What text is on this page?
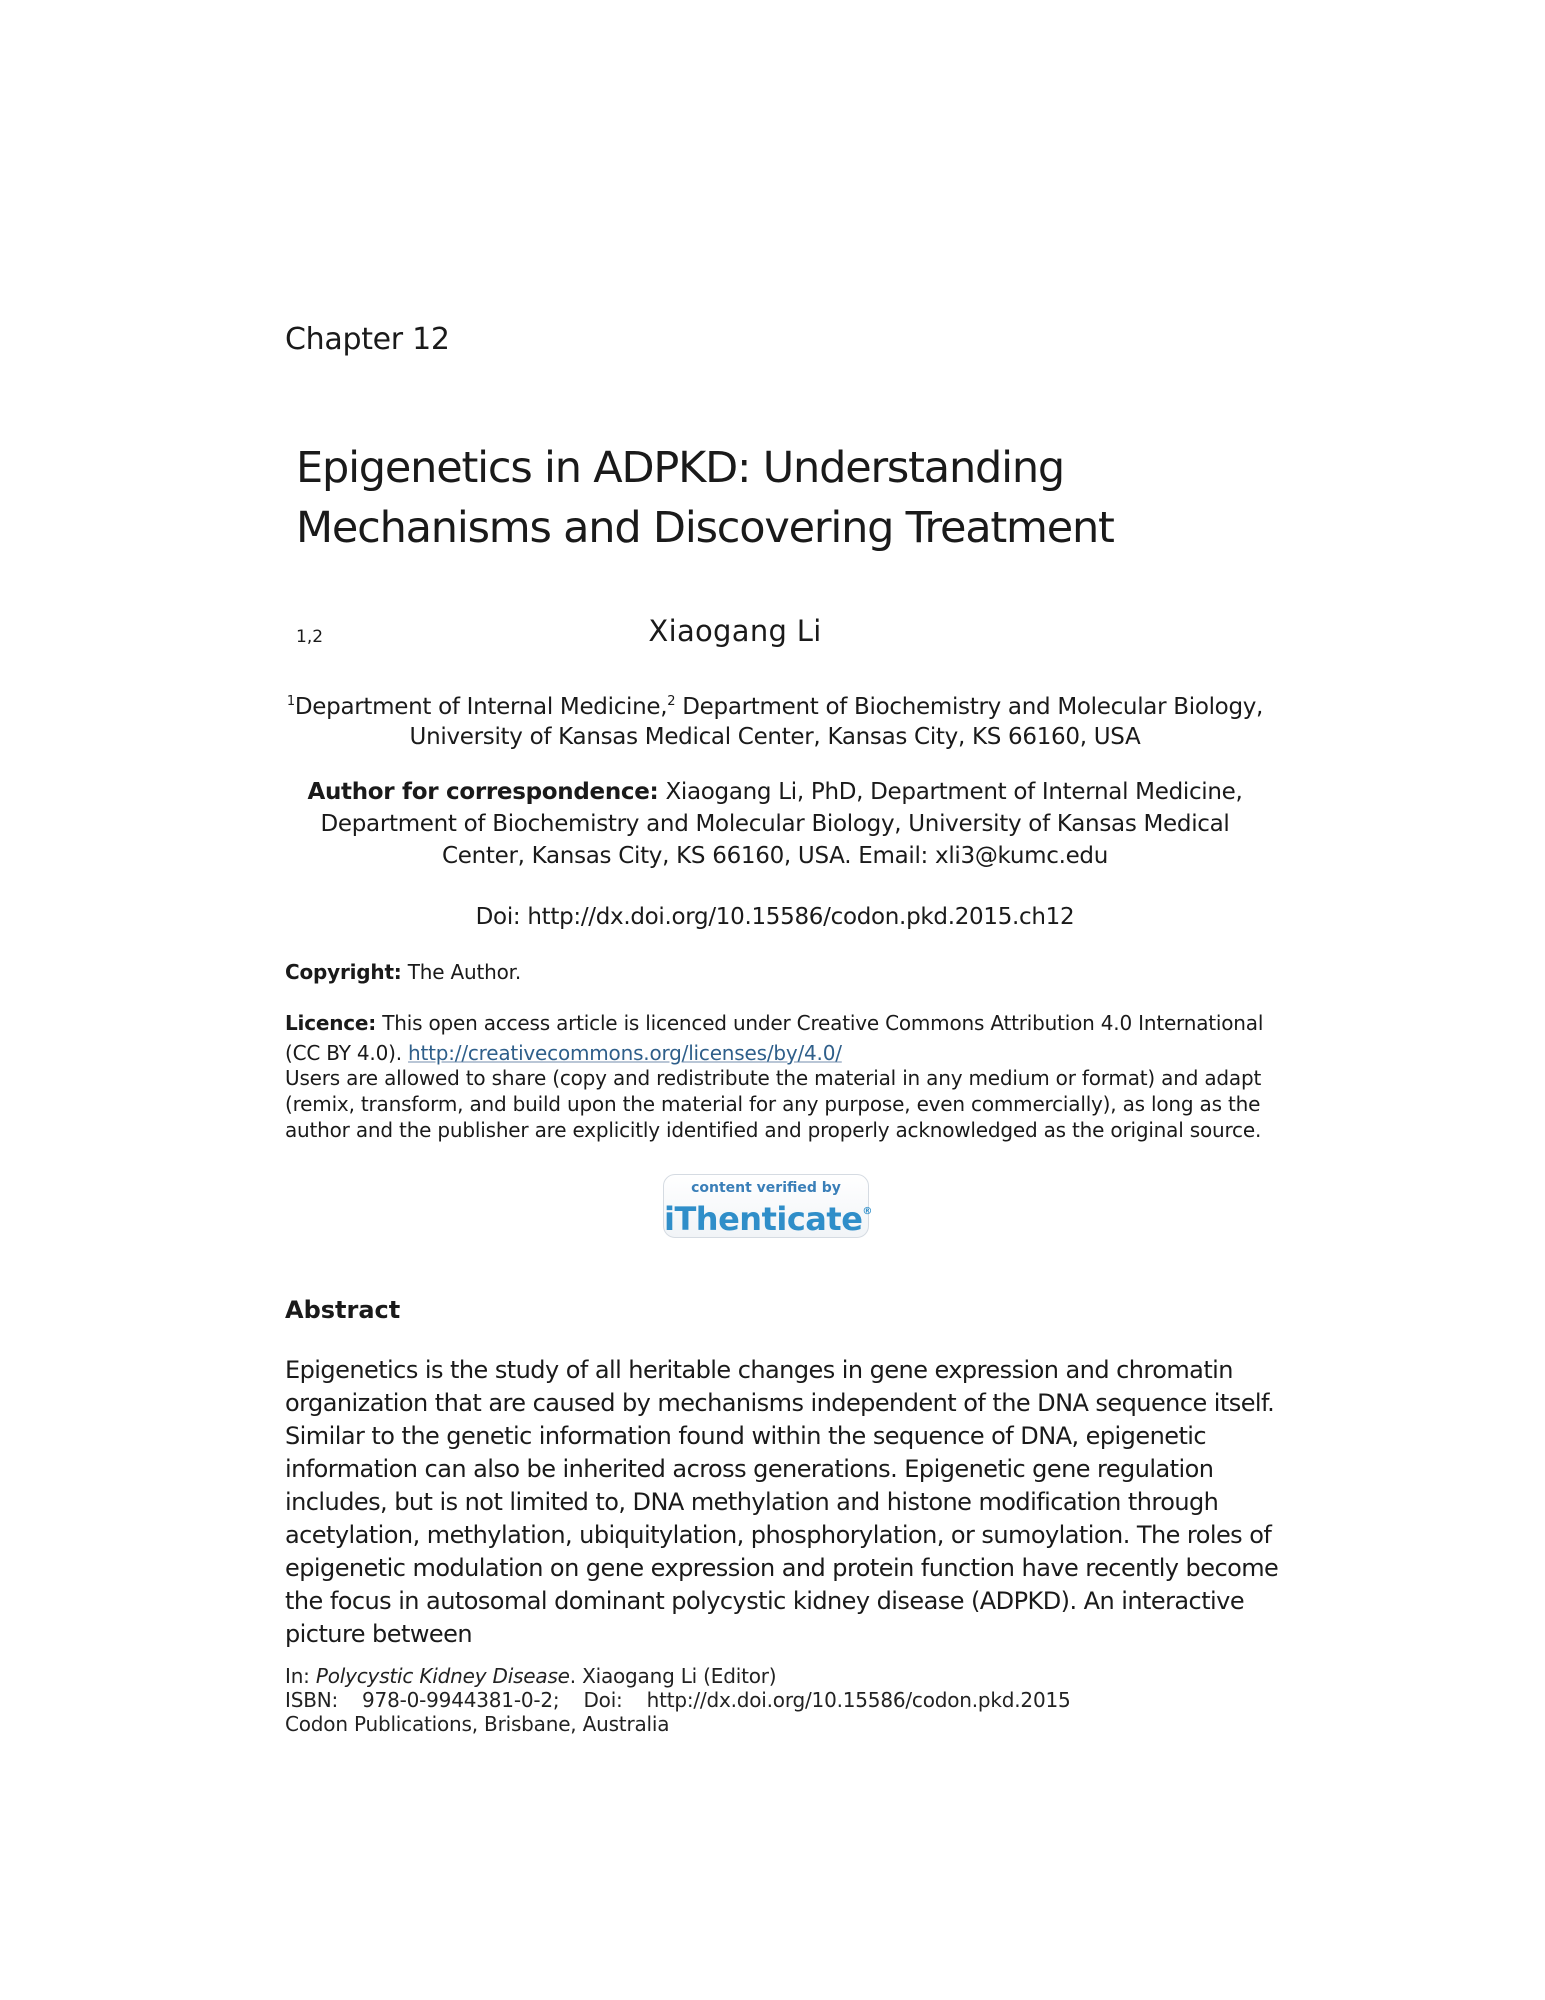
Chapter 12
Epigenetics in ADPKD: Understanding Mechanisms and Discovering Treatment
1,2	Xiaogang Li
$^1$Department of Internal Medicine,$^2$ Department of Biochemistry and Molecular Biology,
University of Kansas Medical Center, Kansas City, KS 66160, USA
Author for correspondence: Xiaogang Li, PhD, Department of Internal Medicine, Department of Biochemistry and Molecular Biology, University of Kansas Medical Center, Kansas City, KS 66160, USA. Email: xli3@kumc.edu
Doi: http://dx.doi.org/10.15586/codon.pkd.2015.ch12
Copyright: The Author.
Licence: This open access article is licenced under Creative Commons Attribution 4.0 International (CC BY 4.0). http://creativecommons.org/licenses/by/4.0/
Users are allowed to share (copy and redistribute the material in any medium or format) and adapt (remix, transform, and build upon the material for any purpose, even commercially), as long as the author and the publisher are explicitly identified and properly acknowledged as the original source.
content verified by
iThenticate®
Abstract

Epigenetics is the study of all heritable changes in gene expression and chromatin organization that are caused by mechanisms independent of the DNA sequence itself. Similar to the genetic information found within the sequence of DNA, epigenetic information can also be inherited across generations. Epigenetic gene regulation includes, but is not limited to, DNA methylation and histone modification through acetylation, methylation, ubiquitylation, phosphorylation, or sumoylation. The roles of epigenetic modulation on gene expression and protein function have recently become the focus in autosomal dominant polycystic kidney disease (ADPKD). An interactive picture between

In: Polycystic Kidney Disease. Xiaogang Li (Editor)
ISBN: 978-0-9944381-0-2; Doi: http://dx.doi.org/10.15586/codon.pkd.2015
Codon Publications, Brisbane, Australia
